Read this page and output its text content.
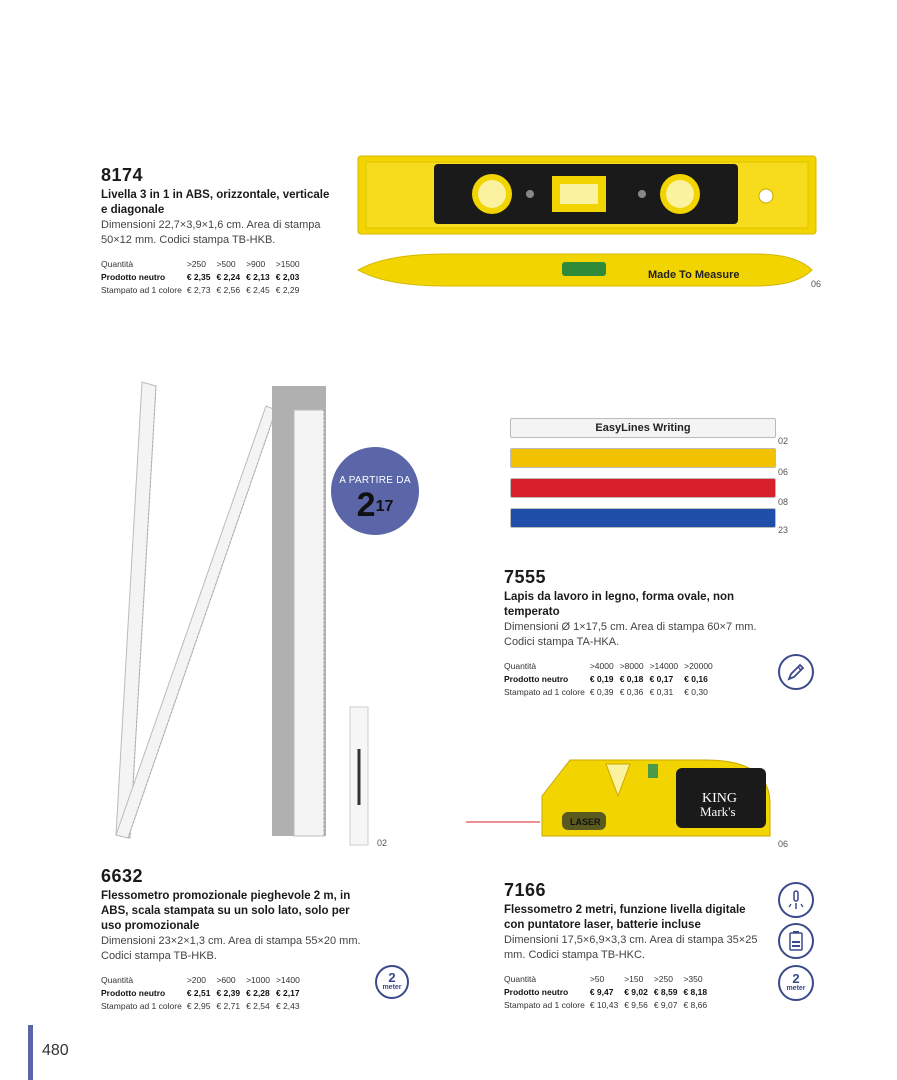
8174
Livella 3 in 1 in ABS, orizzontale, verticale e diagonale
Dimensioni 22,7×3,9×1,6 cm. Area di stampa 50×12 mm. Codici stampa TB-HKB.
Quantità	>250	>500	>900	>1500
Prodotto neutro	€ 2,35	€ 2,24	€ 2,13	€ 2,03
Stampato ad 1 colore	€ 2,73	€ 2,56	€ 2,45	€ 2,29
Made To Measure
06
02
A PARTIRE DA
$2^{17}$
EasyLines Writing
02
06
08
23
7555
Lapis da lavoro in legno, forma ovale, non temperato
Dimensioni Ø 1×17,5 cm. Area di stampa 60×7 mm. Codici stampa TA-HKA.
Quantità	>4000	>8000	>14000	>20000
Prodotto neutro	€ 0,19	€ 0,18	€ 0,17	€ 0,16
Stampato ad 1 colore	€ 0,39	€ 0,36	€ 0,31	€ 0,30
LASER
KING
Mark's
06
6632
Flessometro promozionale pieghevole 2 m, in ABS, scala stampata su un solo lato, solo per uso promozionale
Dimensioni 23×2×1,3 cm. Area di stampa 55×20 mm. Codici stampa TB-HKB.
Quantità	>200	>600	>1000	>1400
Prodotto neutro	€ 2,51	€ 2,39	€ 2,28	€ 2,17
Stampato ad 1 colore	€ 2,95	€ 2,71	€ 2,54	€ 2,43
2
meter
7166
Flessometro 2 metri, funzione livella digitale con puntatore laser, batterie incluse
Dimensioni 17,5×6,9×3,3 cm. Area di stampa 35×25 mm. Codici stampa TB-HKC.
Quantità	>50	>150	>250	>350
Prodotto neutro	€ 9,47	€ 9,02	€ 8,59	€ 8,18
Stampato ad 1 colore	€ 10,43	€ 9,56	€ 9,07	€ 8,66
2
meter
480
